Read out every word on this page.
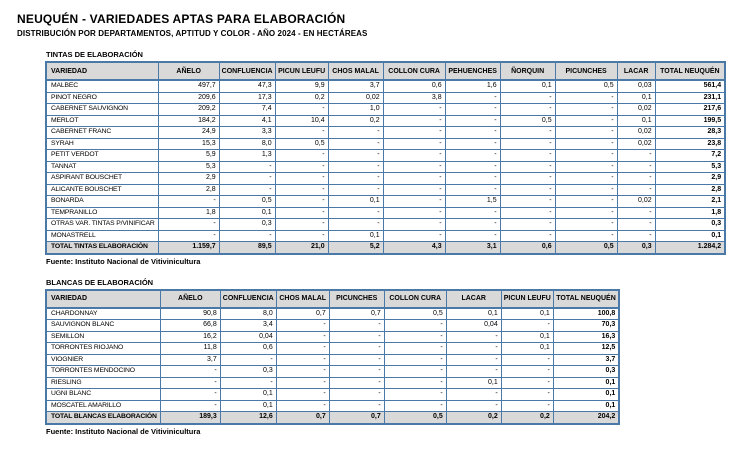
NEUQUÉN - VARIEDADES APTAS PARA ELABORACIÓN
DISTRIBUCIÓN POR DEPARTAMENTOS, APTITUD Y COLOR - AÑO 2024 - EN HECTÁREAS
TINTAS DE ELABORACIÓN
VARIEDAD	AÑELO	CONFLUENCIA	PICUN LEUFU	CHOS MALAL	COLLON CURA	PEHUENCHES	ÑORQUIN	PICUNCHES	LACAR	TOTAL NEUQUÉN
MALBEC	497,7	47,3	9,9	3,7	0,6	1,6	0,1	0,5	0,03	561,4
PINOT NEGRO	209,6	17,3	0,2	0,02	3,8	-	-	-	0,1	231,1
CABERNET SAUVIGNON	209,2	7,4	-	1,0	-	-	-	-	0,02	217,6
MERLOT	184,2	4,1	10,4	0,2	-	-	0,5	-	0,1	199,5
CABERNET FRANC	24,9	3,3	-	-	-	-	-	-	0,02	28,3
SYRAH	15,3	8,0	0,5	-	-	-	-	-	0,02	23,8
PETIT VERDOT	5,9	1,3	-	-	-	-	-	-	-	7,2
TANNAT	5,3	-	-	-	-	-	-	-	-	5,3
ASPIRANT BOUSCHET	2,9	-	-	-	-	-	-	-	-	2,9
ALICANTE BOUSCHET	2,8	-	-	-	-	-	-	-	-	2,8
BONARDA	-	0,5	-	0,1	-	1,5	-	-	0,02	2,1
TEMPRANILLO	1,8	0,1	-	-	-	-	-	-	-	1,8
OTRAS VAR. TINTAS P/VINIFICAR	-	0,3	-	-	-	-	-	-	-	0,3
MONASTRELL	-	-	-	0,1	-	-	-	-	-	0,1
TOTAL TINTAS ELABORACIÓN	1.159,7	89,5	21,0	5,2	4,3	3,1	0,6	0,5	0,3	1.284,2
Fuente: Instituto Nacional de Vitivinicultura
BLANCAS DE ELABORACIÓN
VARIEDAD	AÑELO	CONFLUENCIA	CHOS MALAL	PICUNCHES	COLLON CURA	LACAR	PICUN LEUFU	TOTAL NEUQUÉN
CHARDONNAY	90,8	8,0	0,7	0,7	0,5	0,1	0,1	100,8
SAUVIGNON BLANC	66,8	3,4	-	-	-	0,04	-	70,3
SEMILLON	16,2	0,04	-	-	-	-	0,1	16,3
TORRONTES RIOJANO	11,8	0,6	-	-	-	-	0,1	12,5
VIOGNIER	3,7	-	-	-	-	-	-	3,7
TORRONTES MENDOCINO	-	0,3	-	-	-	-	-	0,3
RIESLING	-	-	-	-	-	0,1	-	0,1
UGNI BLANC	-	0,1	-	-	-	-	-	0,1
MOSCATEL AMARILLO	-	0,1	-	-	-	-	-	0,1
TOTAL BLANCAS ELABORACIÓN	189,3	12,6	0,7	0,7	0,5	0,2	0,2	204,2
Fuente: Instituto Nacional de Vitivinicultura
